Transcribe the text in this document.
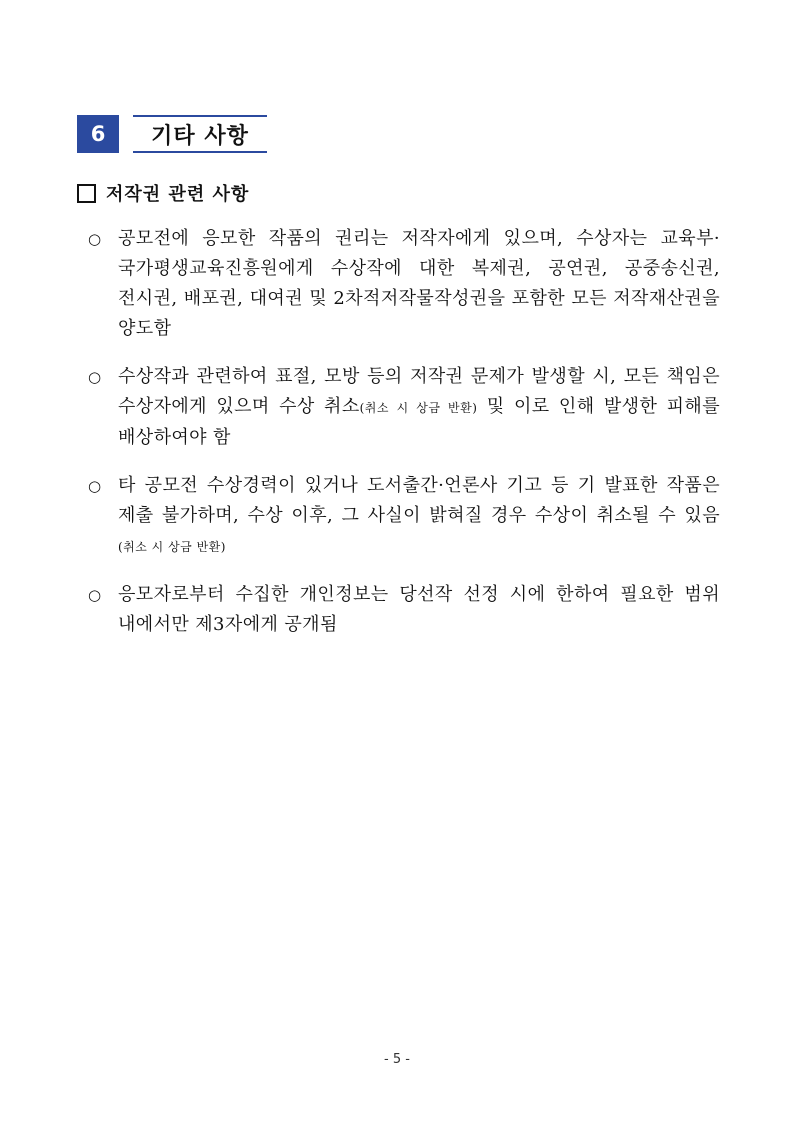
6	기타 사항
저작권 관련 사항
○ 공모전에 응모한 작품의 권리는 저작자에게 있으며, 수상자는 교육부·국가평생교육진흥원에게 수상작에 대한 복제권, 공연권, 공중송신권, 전시권, 배포권, 대여권 및 2차적저작물작성권을 포함한 모든 저작재산권을 양도함
○ 수상작과 관련하여 표절, 모방 등의 저작권 문제가 발생할 시, 모든 책임은 수상자에게 있으며 수상 취소(취소 시 상금 반환) 및 이로 인해 발생한 피해를 배상하여야 함
○ 타 공모전 수상경력이 있거나 도서출간·언론사 기고 등 기 발표한 작품은 제출 불가하며, 수상 이후, 그 사실이 밝혀질 경우 수상이 취소될 수 있음(취소 시 상금 반환)
○ 응모자로부터 수집한 개인정보는 당선작 선정 시에 한하여 필요한 범위 내에서만 제3자에게 공개됨
- 5 -
